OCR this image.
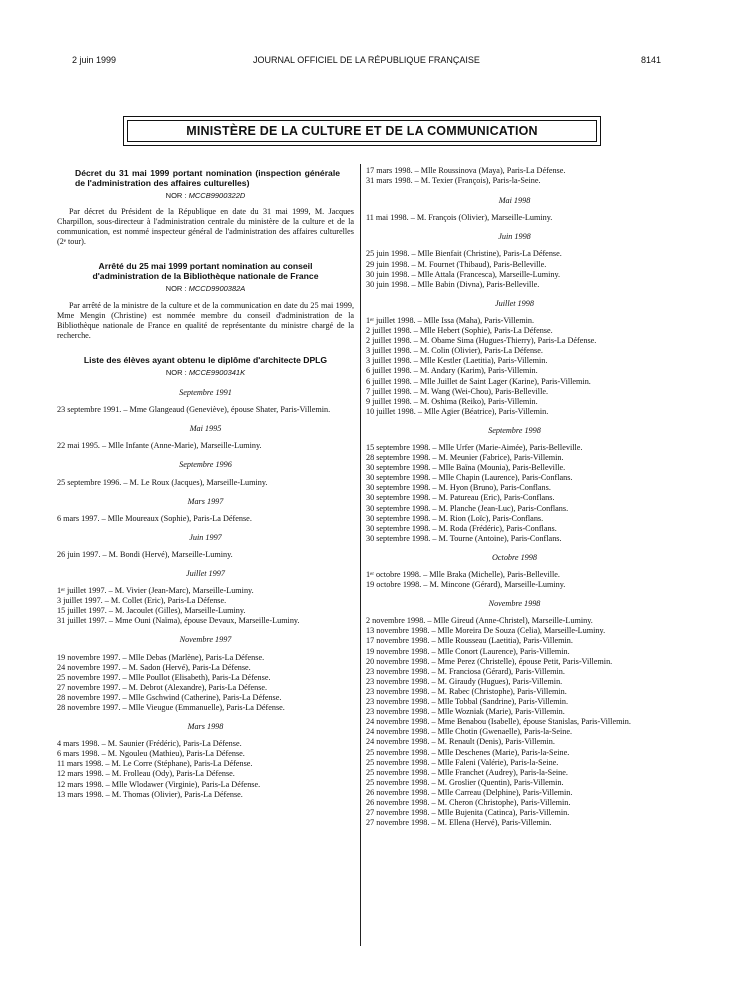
2 juin 1999	JOURNAL OFFICIEL DE LA RÉPUBLIQUE FRANÇAISE	8141
MINISTÈRE DE LA CULTURE ET DE LA COMMUNICATION
Décret du 31 mai 1999 portant nomination (inspection générale de l'administration des affaires culturelles)
NOR : MCCB9900322D

Par décret du Président de la République en date du 31 mai 1999, M. Jacques Charpillon, sous-directeur à l'administration centrale du ministère de la culture et de la communication, est nommé inspecteur général de l'administration des affaires culturelles (2ᵉ tour).

Arrêté du 25 mai 1999 portant nomination au conseil d'administration de la Bibliothèque nationale de France
NOR : MCCD9900382A

Par arrêté de la ministre de la culture et de la communication en date du 25 mai 1999, Mme Mengin (Christine) est nommée membre du conseil d'administration de la Bibliothèque nationale de France en qualité de représentante du ministre chargé de la recherche.

Liste des élèves ayant obtenu le diplôme d'architecte DPLG
NOR : MCCE9900341K
Septembre 1991

23 septembre 1991. – Mme Glangeaud (Geneviève), épouse Shater, Paris-Villemin.

Mai 1995

22 mai 1995. – Mlle Infante (Anne-Marie), Marseille-Luminy.

Septembre 1996

25 septembre 1996. – M. Le Roux (Jacques), Marseille-Luminy.

Mars 1997

6 mars 1997. – Mlle Moureaux (Sophie), Paris-La Défense.

Juin 1997

26 juin 1997. – M. Bondi (Hervé), Marseille-Luminy.

Juillet 1997

1ᵉʳ juillet 1997. – M. Vivier (Jean-Marc), Marseille-Luminy.

3 juillet 1997. – M. Collet (Eric), Paris-La Défense.

15 juillet 1997. – M. Jacoulet (Gilles), Marseille-Luminy.

31 juillet 1997. – Mme Ouni (Naïma), épouse Devaux, Marseille-Luminy.

Novembre 1997

19 novembre 1997. – Mlle Debas (Marlène), Paris-La Défense.

24 novembre 1997. – M. Sadon (Hervé), Paris-La Défense.

25 novembre 1997. – Mlle Poullot (Elisabeth), Paris-La Défense.

27 novembre 1997. – M. Debrot (Alexandre), Paris-La Défense.

28 novembre 1997. – Mlle Gschwind (Catherine), Paris-La Défense.

28 novembre 1997. – Mlle Vieugue (Emmanuelle), Paris-La Défense.

Mars 1998

4 mars 1998. – M. Saunier (Frédéric), Paris-La Défense.

6 mars 1998. – M. Ngouleu (Mathieu), Paris-La Défense.

11 mars 1998. – M. Le Corre (Stéphane), Paris-La Défense.

12 mars 1998. – M. Frolleau (Ody), Paris-La Défense.

12 mars 1998. – Mlle Wlodawer (Virginie), Paris-La Défense.

13 mars 1998. – M. Thomas (Olivier), Paris-La Défense.

17 mars 1998. – Mlle Roussinova (Maya), Paris-La Défense.

31 mars 1998. – M. Texier (François), Paris-la-Seine.

Mai 1998

11 mai 1998. – M. François (Olivier), Marseille-Luminy.

Juin 1998

25 juin 1998. – Mlle Bienfait (Christine), Paris-La Défense.

29 juin 1998. – M. Fournet (Thibaud), Paris-Belleville.

30 juin 1998. – Mlle Attala (Francesca), Marseille-Luminy.

30 juin 1998. – Mlle Babin (Divna), Paris-Belleville.

Juillet 1998

1ᵉʳ juillet 1998. – Mlle Issa (Maha), Paris-Villemin.

2 juillet 1998. – Mlle Hebert (Sophie), Paris-La Défense.

2 juillet 1998. – M. Obame Sima (Hugues-Thierry), Paris-La Défense.

3 juillet 1998. – M. Colin (Olivier), Paris-La Défense.

3 juillet 1998. – Mlle Kestler (Laetitia), Paris-Villemin.

6 juillet 1998. – M. Andary (Karim), Paris-Villemin.

6 juillet 1998. – Mlle Juillet de Saint Lager (Karine), Paris-Villemin.

7 juillet 1998. – M. Wang (Wei-Chou), Paris-Belleville.

9 juillet 1998. – M. Oshima (Reiko), Paris-Villemin.

10 juillet 1998. – Mlle Agier (Béatrice), Paris-Villemin.

Septembre 1998

15 septembre 1998. – Mlle Urfer (Marie-Aimée), Paris-Belleville.

28 septembre 1998. – M. Meunier (Fabrice), Paris-Villemin.

30 septembre 1998. – Mlle Baïna (Mounia), Paris-Belleville.

30 septembre 1998. – Mlle Chapin (Laurence), Paris-Conflans.

30 septembre 1998. – M. Hyon (Bruno), Paris-Conflans.

30 septembre 1998. – M. Patureau (Eric), Paris-Conflans.

30 septembre 1998. – M. Planche (Jean-Luc), Paris-Conflans.

30 septembre 1998. – M. Rion (Loïc), Paris-Conflans.

30 septembre 1998. – M. Roda (Frédéric), Paris-Conflans.

30 septembre 1998. – M. Tourne (Antoine), Paris-Conflans.

Octobre 1998

1ᵉʳ octobre 1998. – Mlle Braka (Michelle), Paris-Belleville.

19 octobre 1998. – M. Mincone (Gérard), Marseille-Luminy.

Novembre 1998

2 novembre 1998. – Mlle Gireud (Anne-Christel), Marseille-Luminy.

13 novembre 1998. – Mlle Moreira De Souza (Celia), Marseille-Luminy.

17 novembre 1998. – Mlle Rousseau (Laetitia), Paris-Villemin.

19 novembre 1998. – Mlle Conort (Laurence), Paris-Villemin.

20 novembre 1998. – Mme Perez (Christelle), épouse Petit, Paris-Villemin.

23 novembre 1998. – M. Franciosa (Gérard), Paris-Villemin.

23 novembre 1998. – M. Giraudy (Hugues), Paris-Villemin.

23 novembre 1998. – M. Rabec (Christophe), Paris-Villemin.

23 novembre 1998. – Mlle Tobbal (Sandrine), Paris-Villemin.

23 novembre 1998. – Mlle Wozniak (Marie), Paris-Villemin.

24 novembre 1998. – Mme Benabou (Isabelle), épouse Stanislas, Paris-Villemin.

24 novembre 1998. – Mlle Chotin (Gwenaelle), Paris-la-Seine.

24 novembre 1998. – M. Renault (Denis), Paris-Villemin.

25 novembre 1998. – Mlle Deschenes (Marie), Paris-la-Seine.

25 novembre 1998. – Mlle Faleni (Valérie), Paris-la-Seine.

25 novembre 1998. – Mlle Franchet (Audrey), Paris-la-Seine.

25 novembre 1998. – M. Groslier (Quentin), Paris-Villemin.

26 novembre 1998. – Mlle Carreau (Delphine), Paris-Villemin.

26 novembre 1998. – M. Cheron (Christophe), Paris-Villemin.

27 novembre 1998. – Mlle Bujenita (Catinca), Paris-Villemin.

27 novembre 1998. – M. Ellena (Hervé), Paris-Villemin.
